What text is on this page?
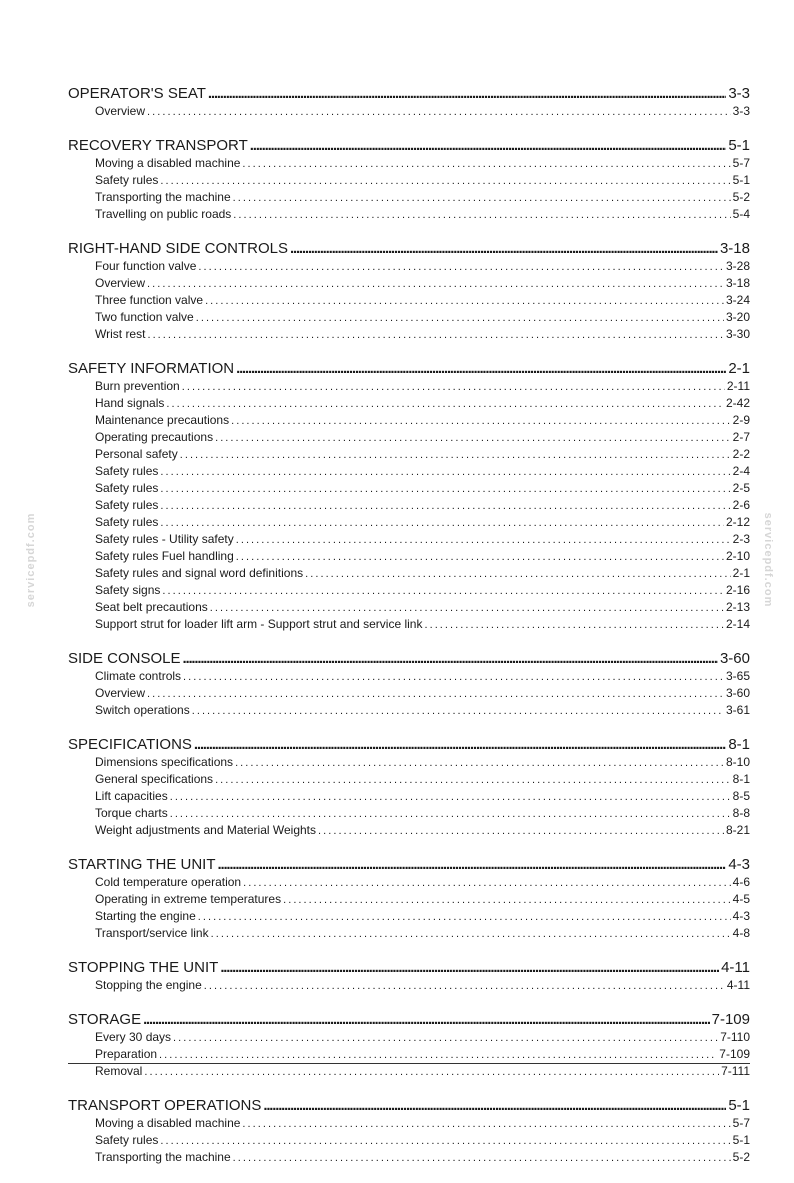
servicepdf.com	servicepdf.com
OPERATOR'S SEAT .....	3-3
Overview . . .	3-3
RECOVERY TRANSPORT .....	5-1
Moving a disabled machine . . .	5-7
Safety rules . . .	5-1
Transporting the machine . . .	5-2
Travelling on public roads . . .	5-4
RIGHT-HAND SIDE CONTROLS .....	3-18
Four function valve . . .	3-28
Overview . . .	3-18
Three function valve . . .	3-24
Two function valve . . .	3-20
Wrist rest . . .	3-30
SAFETY INFORMATION .....	2-1
Burn prevention . . .	2-11
Hand signals . . .	2-42
Maintenance precautions . . .	2-9
Operating precautions . . .	2-7
Personal safety . . .	2-2
Safety rules . . .	2-4
Safety rules . . .	2-5
Safety rules . . .	2-6
Safety rules . . .	2-12
Safety rules - Utility safety . . .	2-3
Safety rules Fuel handling . . .	2-10
Safety rules and signal word definitions . . .	2-1
Safety signs . . .	2-16
Seat belt precautions . . .	2-13
Support strut for loader lift arm - Support strut and service link . . .	2-14
SIDE CONSOLE .....	3-60
Climate controls . . .	3-65
Overview . . .	3-60
Switch operations . . .	3-61
SPECIFICATIONS .....	8-1
Dimensions specifications . . .	8-10
General specifications . . .	8-1
Lift capacities . . .	8-5
Torque charts . . .	8-8
Weight adjustments and Material Weights . . .	8-21
STARTING THE UNIT .....	4-3
Cold temperature operation . . .	4-6
Operating in extreme temperatures . . .	4-5
Starting the engine . . .	4-3
Transport/service link . . .	4-8
STOPPING THE UNIT .....	4-11
Stopping the engine . . .	4-11
STORAGE .....	7-109
Every 30 days . . .	7-110
Preparation . . .	7-109
Removal . . .	7-111
TRANSPORT OPERATIONS .....	5-1
Moving a disabled machine . . .	5-7
Safety rules . . .	5-1
Transporting the machine . . .	5-2
